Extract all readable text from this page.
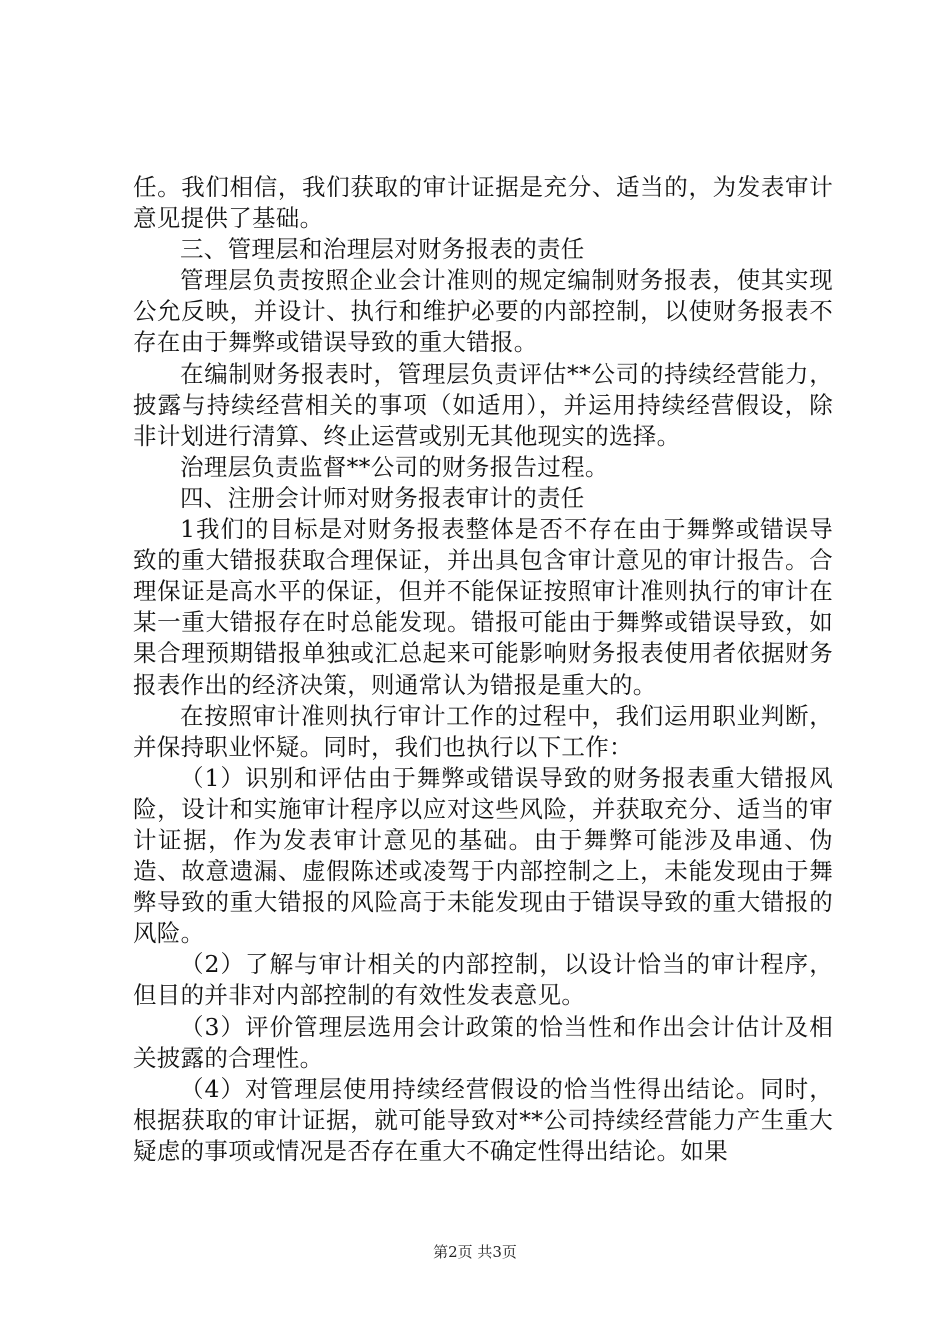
任。我们相信，我们获取的审计证据是充分、适当的，为发表审计意见提供了基础。

三、管理层和治理层对财务报表的责任

管理层负责按照企业会计准则的规定编制财务报表，使其实现公允反映，并设计、执行和维护必要的内部控制，以使财务报表不存在由于舞弊或错误导致的重大错报。

在编制财务报表时，管理层负责评估**公司的持续经营能力，披露与持续经营相关的事项（如适用），并运用持续经营假设，除非计划进行清算、终止运营或别无其他现实的选择。

治理层负责监督**公司的财务报告过程。

四、注册会计师对财务报表审计的责任

1我们的目标是对财务报表整体是否不存在由于舞弊或错误导致的重大错报获取合理保证，并出具包含审计意见的审计报告。合理保证是高水平的保证，但并不能保证按照审计准则执行的审计在某一重大错报存在时总能发现。错报可能由于舞弊或错误导致，如果合理预期错报单独或汇总起来可能影响财务报表使用者依据财务报表作出的经济决策，则通常认为错报是重大的。

在按照审计准则执行审计工作的过程中，我们运用职业判断，并保持职业怀疑。同时，我们也执行以下工作：

（1）识别和评估由于舞弊或错误导致的财务报表重大错报风险，设计和实施审计程序以应对这些风险，并获取充分、适当的审计证据，作为发表审计意见的基础。由于舞弊可能涉及串通、伪造、故意遗漏、虚假陈述或凌驾于内部控制之上，未能发现由于舞弊导致的重大错报的风险高于未能发现由于错误导致的重大错报的风险。

（2）了解与审计相关的内部控制，以设计恰当的审计程序，但目的并非对内部控制的有效性发表意见。

（3）评价管理层选用会计政策的恰当性和作出会计估计及相关披露的合理性。

（4）对管理层使用持续经营假设的恰当性得出结论。同时，根据获取的审计证据，就可能导致对**公司持续经营能力产生重大疑虑的事项或情况是否存在重大不确定性得出结论。如果

第2页 共3页
